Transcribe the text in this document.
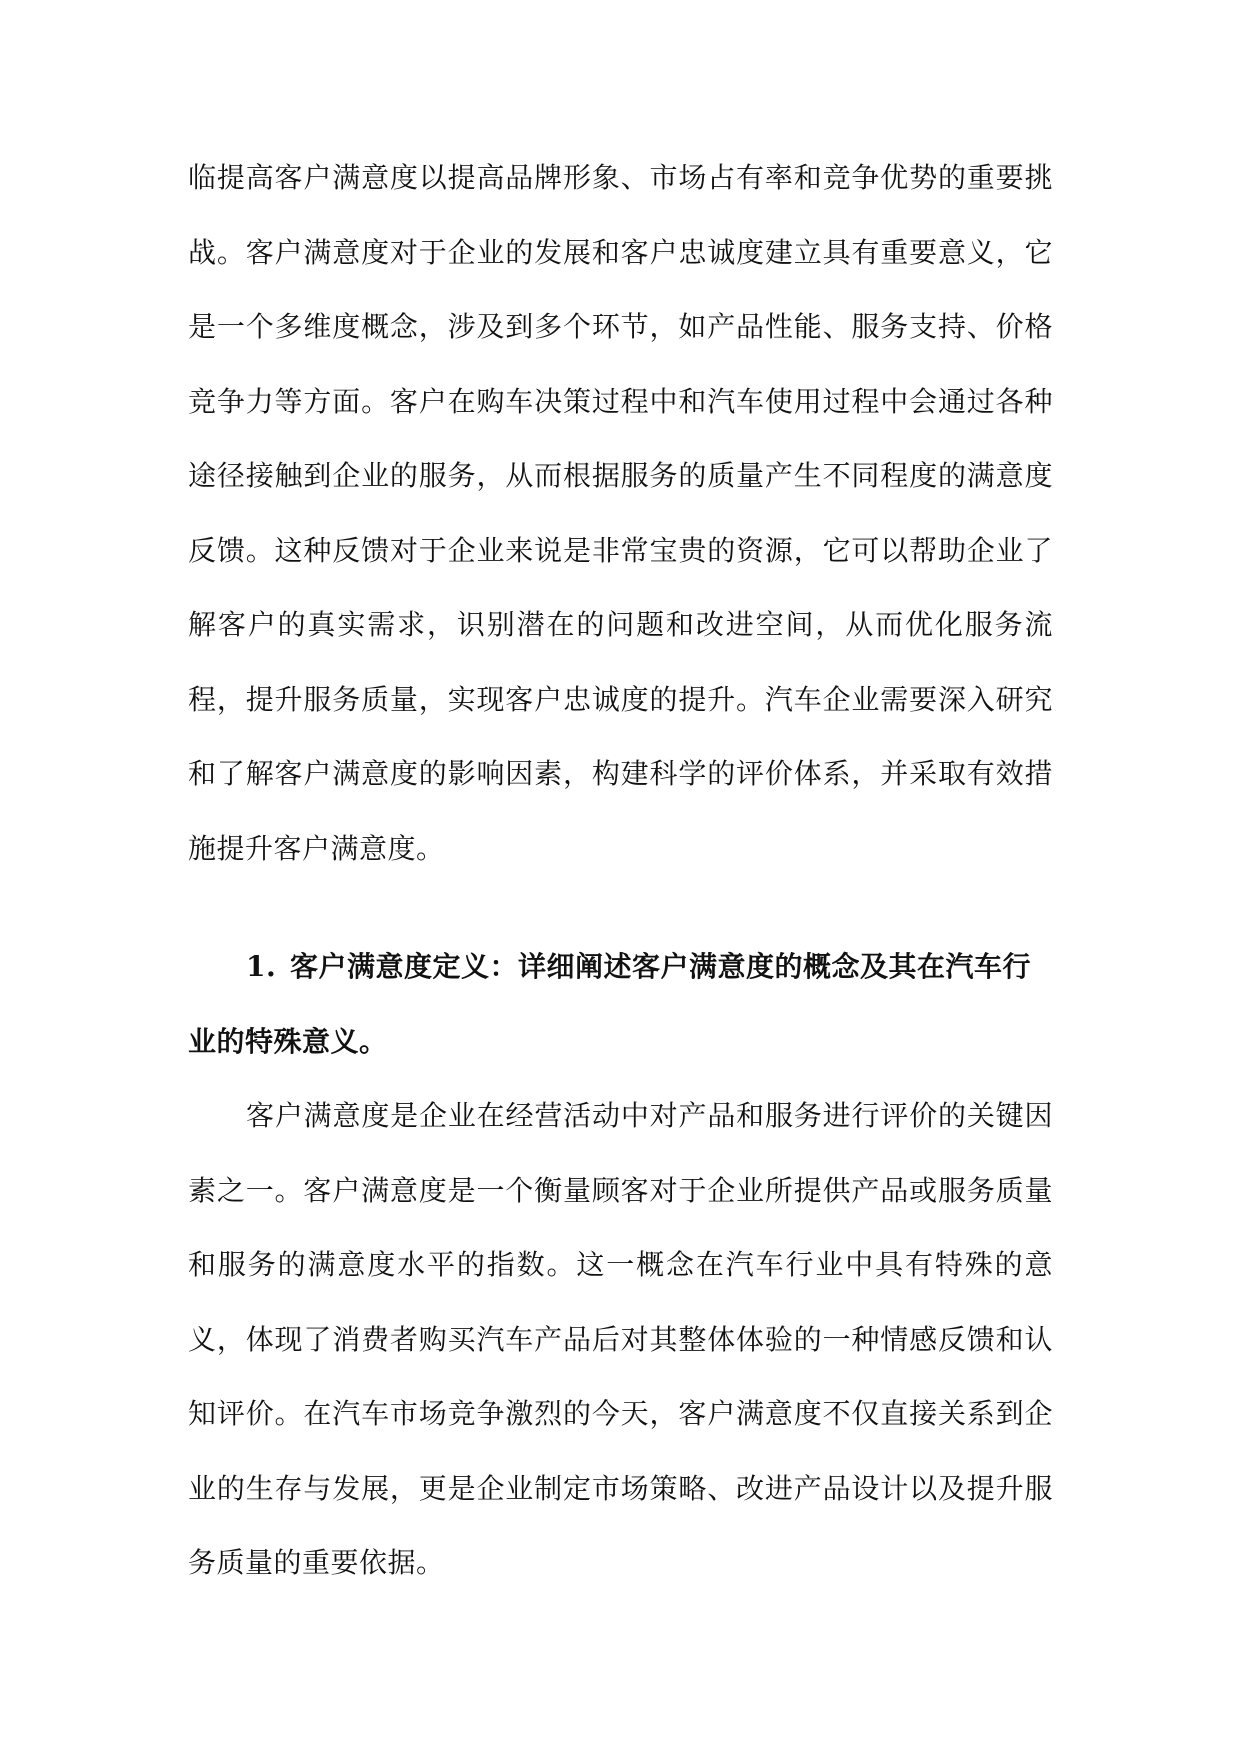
临提高客户满意度以提高品牌形象、市场占有率和竞争优势的重要挑战。客户满意度对于企业的发展和客户忠诚度建立具有重要意义，它是一个多维度概念，涉及到多个环节，如产品性能、服务支持、价格竞争力等方面。客户在购车决策过程中和汽车使用过程中会通过各种途径接触到企业的服务，从而根据服务的质量产生不同程度的满意度反馈。这种反馈对于企业来说是非常宝贵的资源，它可以帮助企业了解客户的真实需求，识别潜在的问题和改进空间，从而优化服务流程，提升服务质量，实现客户忠诚度的提升。汽车企业需要深入研究和了解客户满意度的影响因素，构建科学的评价体系，并采取有效措施提升客户满意度。

1. 客户满意度定义：详细阐述客户满意度的概念及其在汽车行业的特殊意义。

客户满意度是企业在经营活动中对产品和服务进行评价的关键因素之一。客户满意度是一个衡量顾客对于企业所提供产品或服务质量和服务的满意度水平的指数。这一概念在汽车行业中具有特殊的意义，体现了消费者购买汽车产品后对其整体体验的一种情感反馈和认知评价。在汽车市场竞争激烈的今天，客户满意度不仅直接关系到企业的生存与发展，更是企业制定市场策略、改进产品设计以及提升服务质量的重要依据。
